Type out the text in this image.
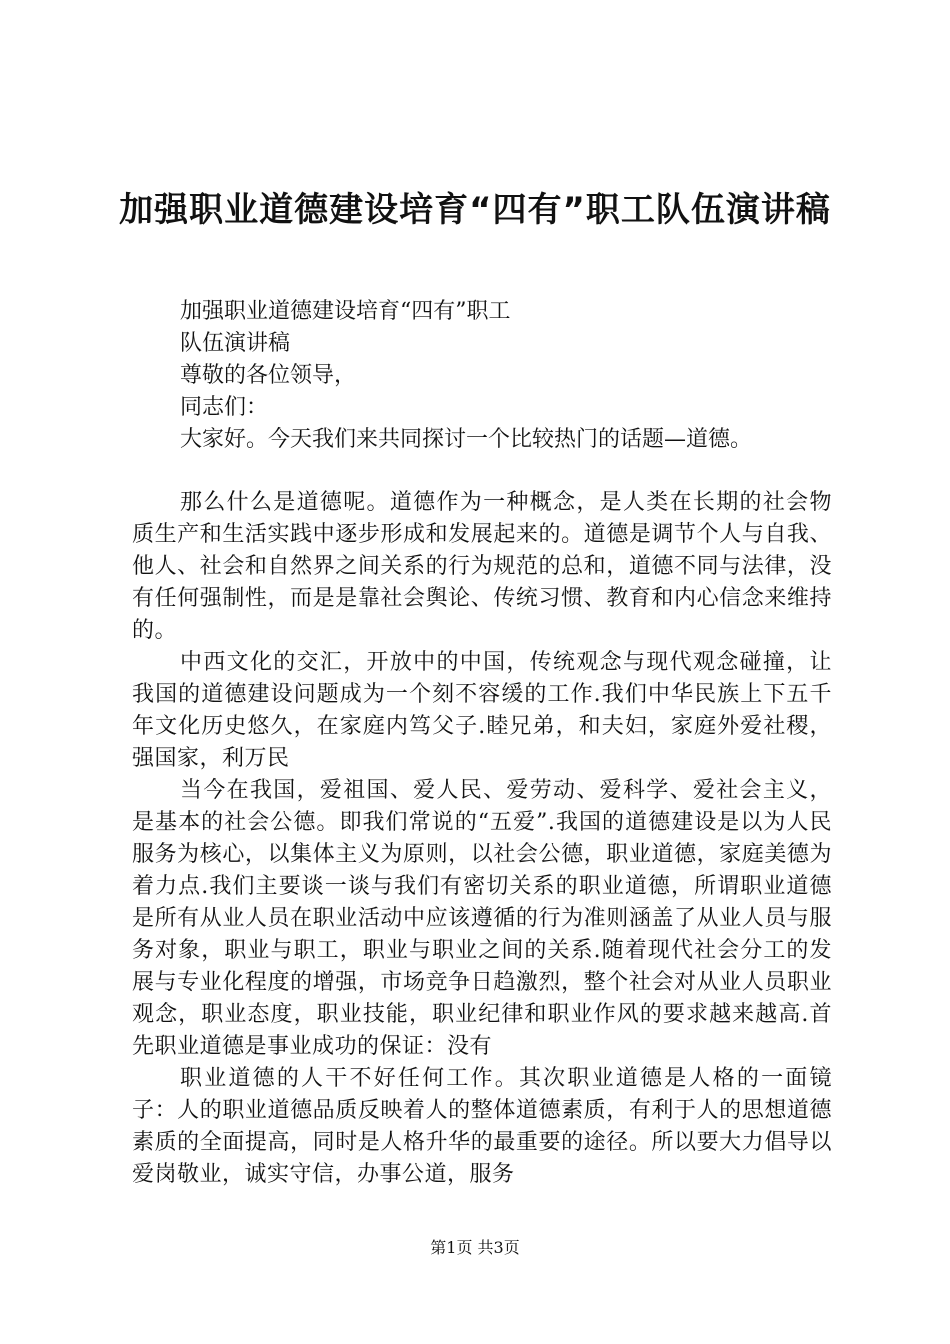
加强职业道德建设培育“四有”职工队伍演讲稿

加强职业道德建设培育“四有”职工

队伍演讲稿

尊敬的各位领导，

同志们：

大家好。今天我们来共同探讨一个比较热门的话题—道德。

那么什么是道德呢。道德作为一种概念，是人类在长期的社会物质生产和生活实践中逐步形成和发展起来的。道德是调节个人与自我、他人、社会和自然界之间关系的行为规范的总和，道德不同与法律，没有任何强制性，而是是靠社会舆论、传统习惯、教育和内心信念来维持的。

中西文化的交汇，开放中的中国，传统观念与现代观念碰撞，让我国的道德建设问题成为一个刻不容缓的工作.我们中华民族上下五千年文化历史悠久，在家庭内笃父子.睦兄弟，和夫妇，家庭外爱社稷，强国家，利万民

当今在我国，爱祖国、爱人民、爱劳动、爱科学、爱社会主义，是基本的社会公德。即我们常说的“五爱”.我国的道德建设是以为人民服务为核心，以集体主义为原则，以社会公德，职业道德，家庭美德为着力点.我们主要谈一谈与我们有密切关系的职业道德，所谓职业道德是所有从业人员在职业活动中应该遵循的行为准则涵盖了从业人员与服务对象，职业与职工，职业与职业之间的关系.随着现代社会分工的发展与专业化程度的增强，市场竞争日趋激烈，整个社会对从业人员职业观念，职业态度，职业技能，职业纪律和职业作风的要求越来越高.首先职业道德是事业成功的保证：没有

职业道德的人干不好任何工作。其次职业道德是人格的一面镜子：人的职业道德品质反映着人的整体道德素质，有利于人的思想道德素质的全面提高，同时是人格升华的最重要的途径。所以要大力倡导以爱岗敬业，诚实守信，办事公道，服务

第1页 共3页
